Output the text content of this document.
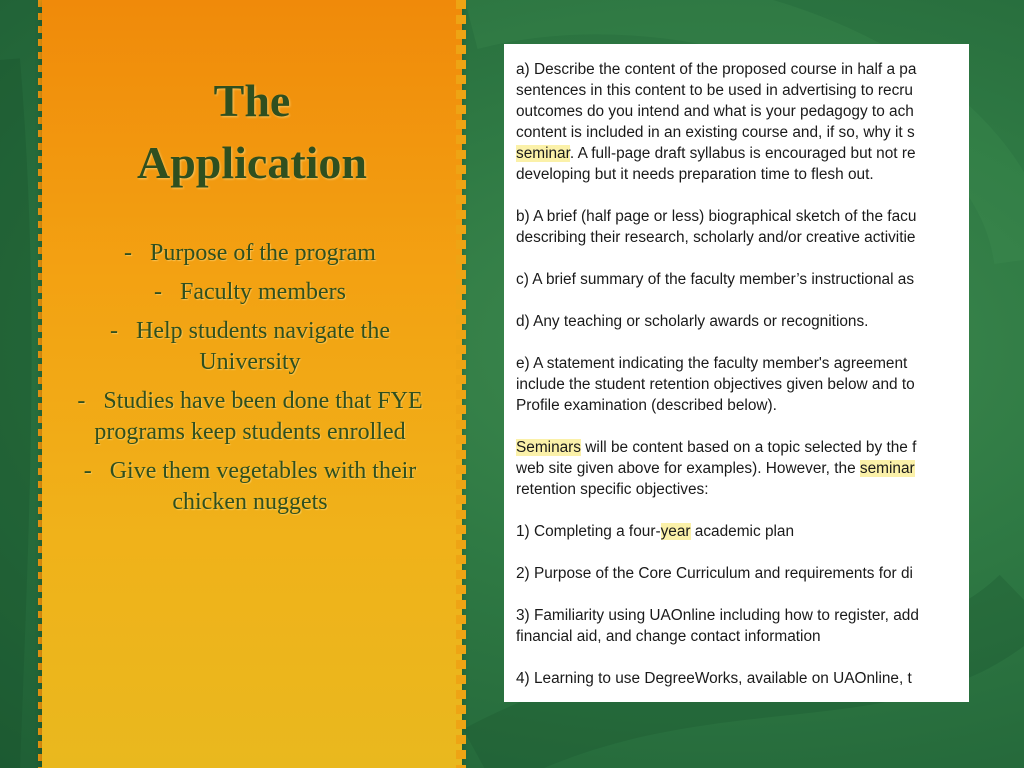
The
Application
- Purpose of the program
- Faculty members
- Help students navigate the University
- Studies have been done that FYE programs keep students enrolled
- Give them vegetables with their chicken nuggets

a) Describe the content of the proposed course in half a pa
sentences in this content to be used in advertising to recru
outcomes do you intend and what is your pedagogy to ach
content is included in an existing course and, if so, why it s
seminar. A full-page draft syllabus is encouraged but not re
developing but it needs preparation time to flesh out.

b) A brief (half page or less) biographical sketch of the facu
describing their research, scholarly and/or creative activitie

c) A brief summary of the faculty member’s instructional as

d) Any teaching or scholarly awards or recognitions.

e) A statement indicating the faculty member's agreement
include the student retention objectives given below and to
Profile examination (described below).

Seminars will be content based on a topic selected by the f
web site given above for examples). However, the seminar
retention specific objectives:

1) Completing a four-year academic plan

2) Purpose of the Core Curriculum and requirements for di

3) Familiarity using UAOnline including how to register, add
financial aid, and change contact information

4) Learning to use DegreeWorks, available on UAOnline, t
